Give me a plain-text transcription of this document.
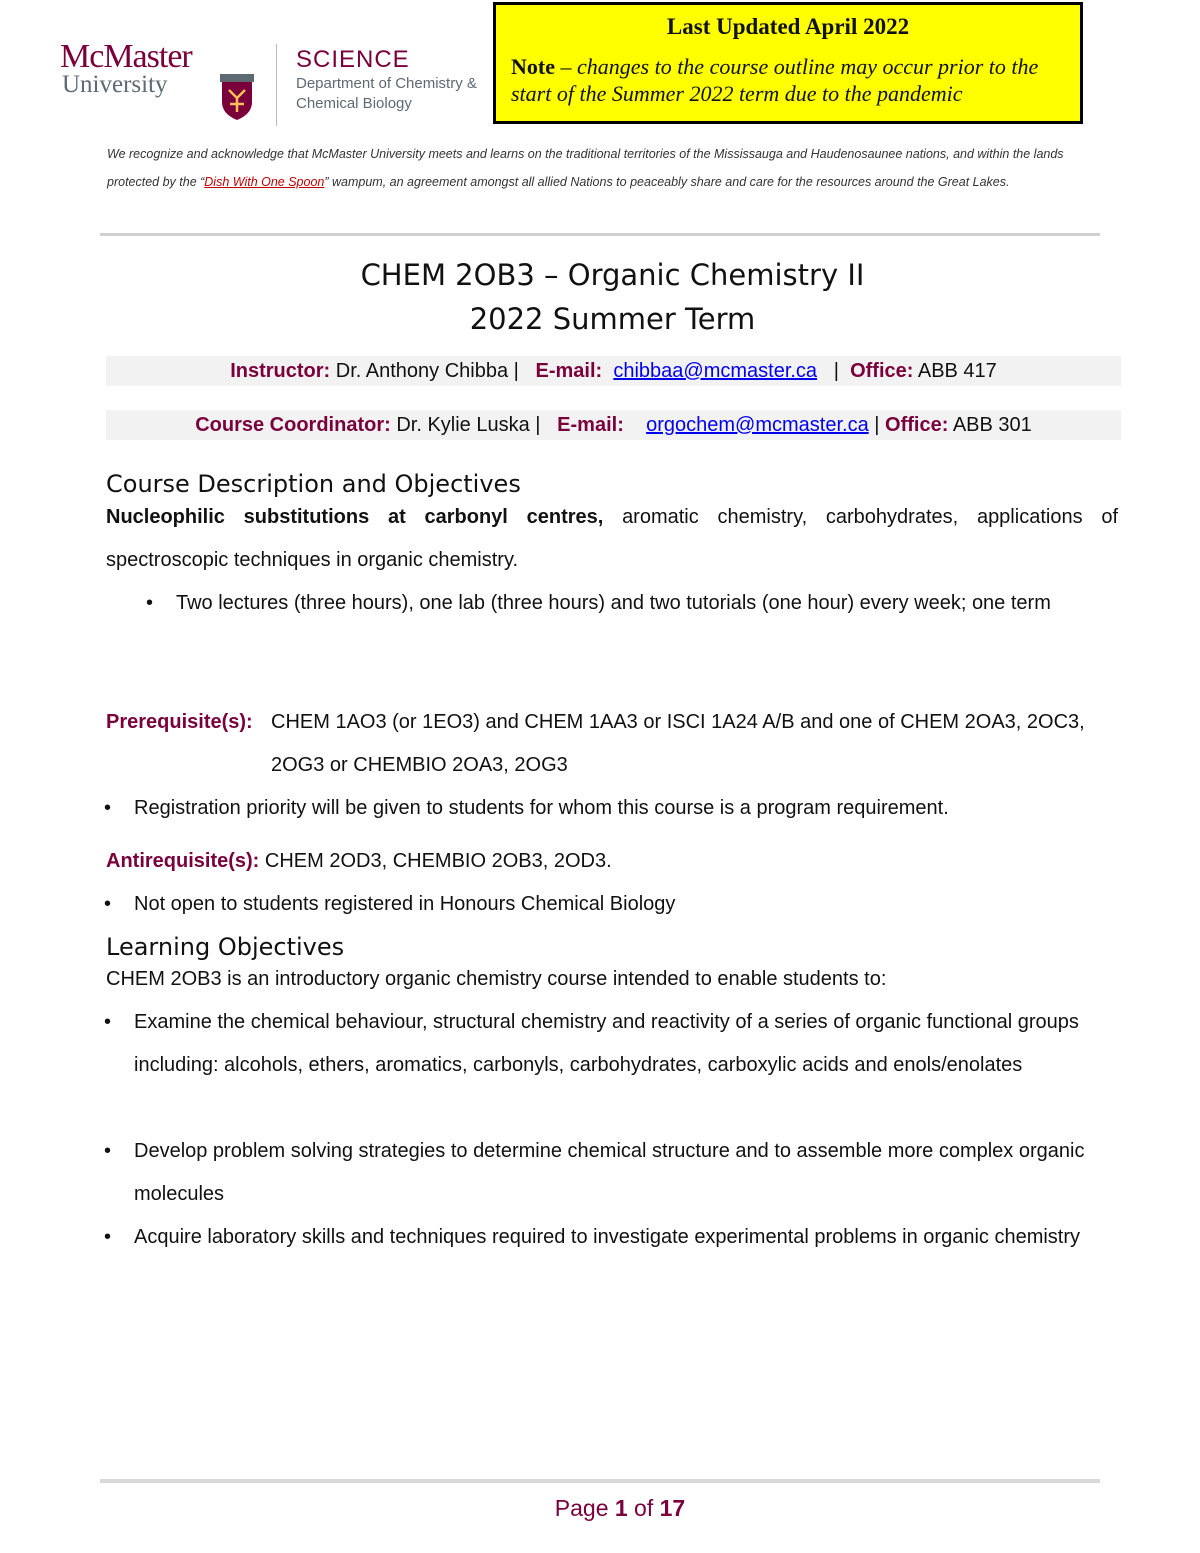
McMaster
University
SCIENCE
Department of Chemistry &
Chemical Biology
Last Updated April 2022
Note – changes to the course outline may occur prior to the start of the Summer 2022 term due to the pandemic
We recognize and acknowledge that McMaster University meets and learns on the traditional territories of the Mississauga and Haudenosaunee nations, and within the lands protected by the “Dish With One Spoon” wampum, an agreement amongst all allied Nations to peaceably share and care for the resources around the Great Lakes.
CHEM 2OB3 – Organic Chemistry II
2022 Summer Term
Instructor: Dr. Anthony Chibba |   E-mail: chibbaa@mcmaster.ca   |  Office: ABB 417
Course Coordinator: Dr. Kylie Luska |   E-mail: orgochem@mcmaster.ca | Office: ABB 301
Course Description and Objectives
Nucleophilic substitutions at carbonyl centres, aromatic chemistry, carbohydrates, applications of spectroscopic techniques in organic chemistry.
• Two lectures (three hours), one lab (three hours) and two tutorials (one hour) every week; one term
Prerequisite(s): CHEM 1AO3 (or 1EO3) and CHEM 1AA3 or ISCI 1A24 A/B and one of CHEM 2OA3, 2OC3, 2OG3 or CHEMBIO 2OA3, 2OG3
• Registration priority will be given to students for whom this course is a program requirement.
Antirequisite(s): CHEM 2OD3, CHEMBIO 2OB3, 2OD3.
• Not open to students registered in Honours Chemical Biology
Learning Objectives
CHEM 2OB3 is an introductory organic chemistry course intended to enable students to:
• Examine the chemical behaviour, structural chemistry and reactivity of a series of organic functional groups including: alcohols, ethers, aromatics, carbonyls, carbohydrates, carboxylic acids and enols/enolates
• Develop problem solving strategies to determine chemical structure and to assemble more complex organic molecules
• Acquire laboratory skills and techniques required to investigate experimental problems in organic chemistry
Page 1 of 17
